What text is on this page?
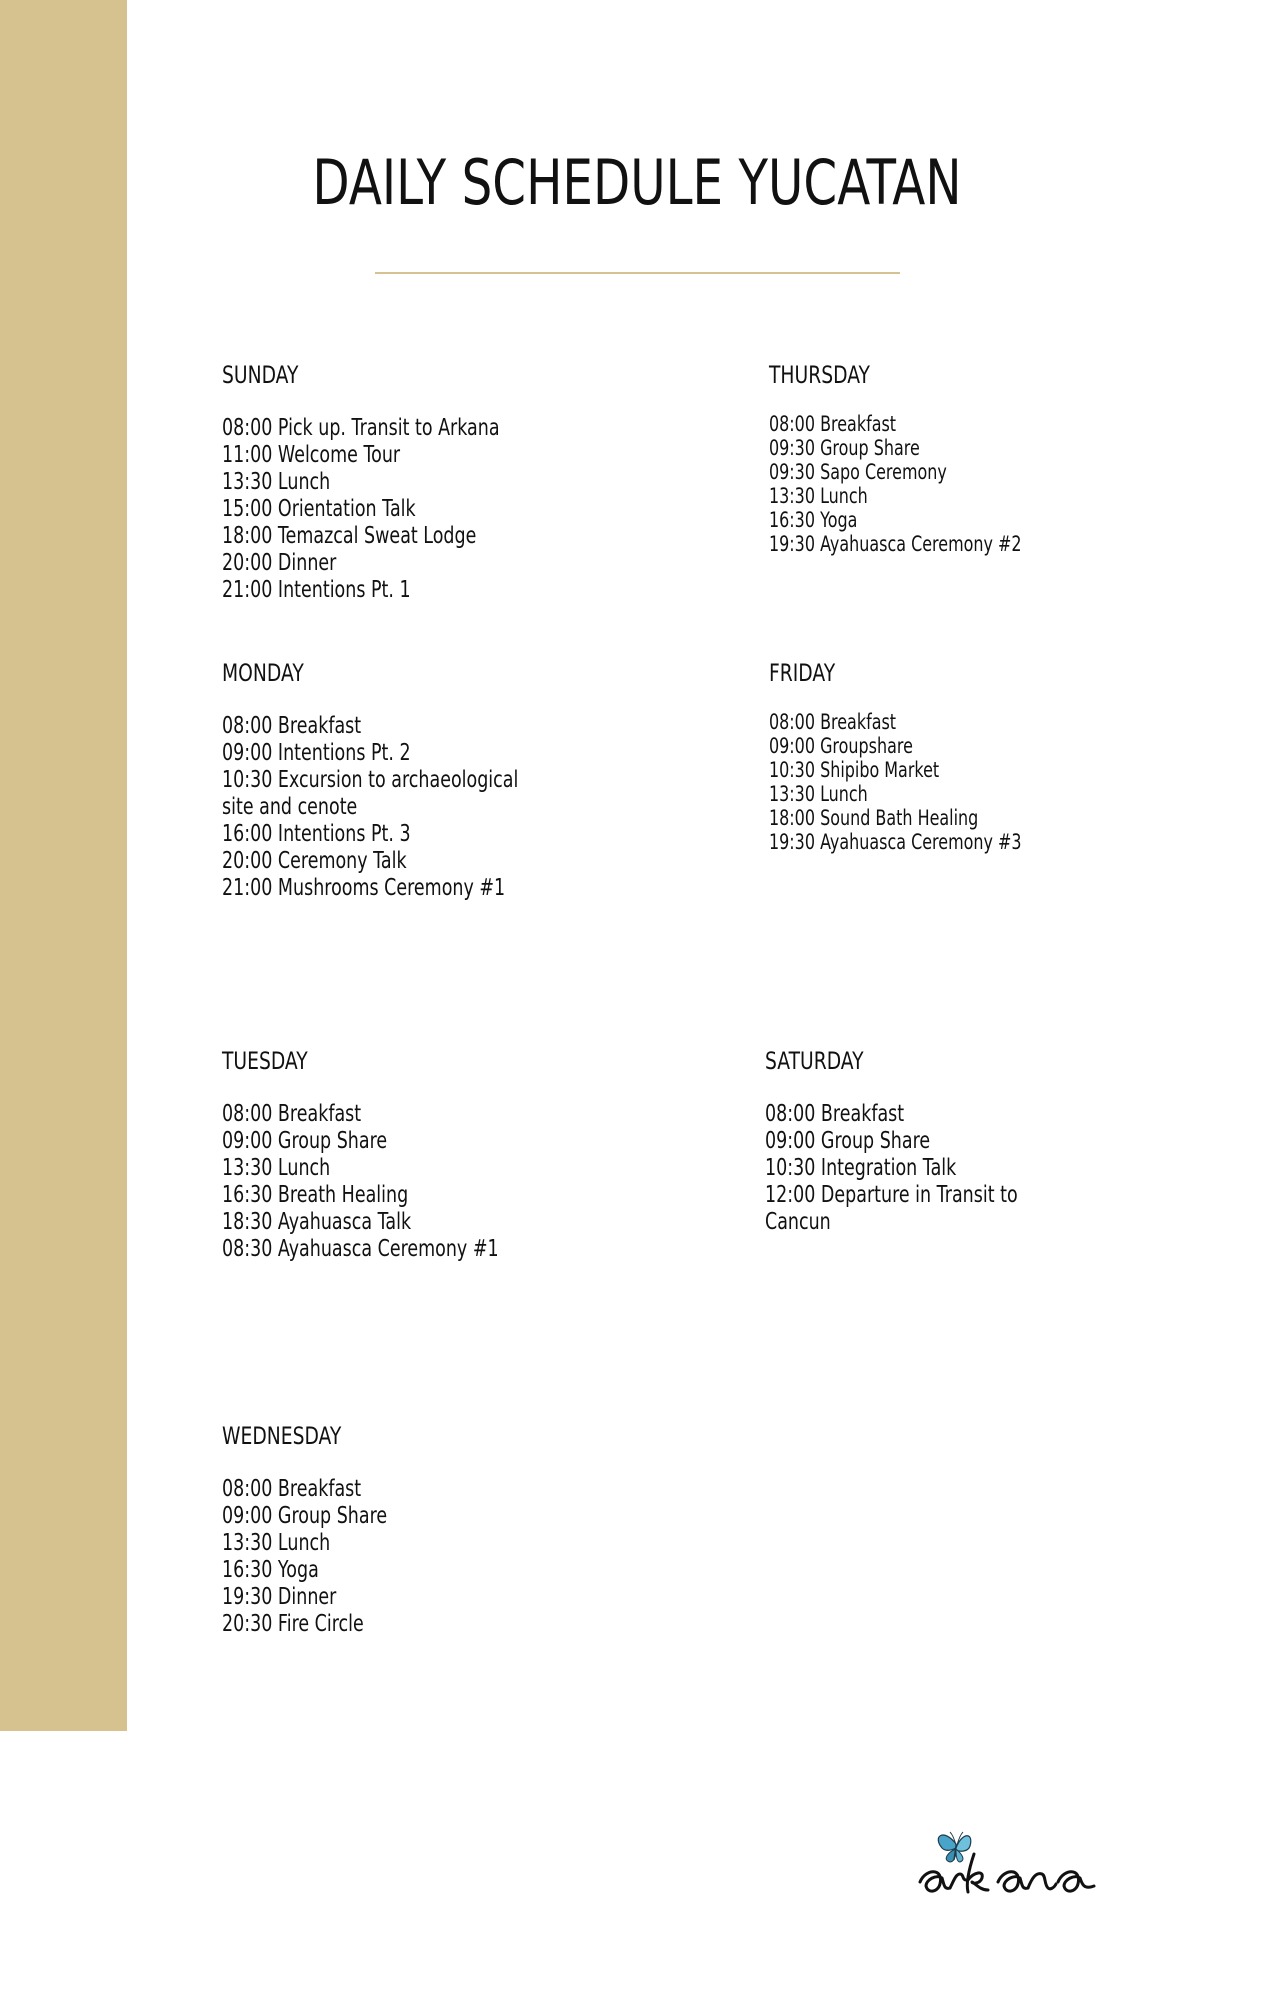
DAILY SCHEDULE YUCATAN
SUNDAY
08:00 Pick up. Transit to Arkana
11:00 Welcome Tour
13:30 Lunch
15:00 Orientation Talk
18:00 Temazcal Sweat Lodge
20:00 Dinner
21:00 Intentions Pt. 1
MONDAY
08:00 Breakfast
09:00 Intentions Pt. 2
10:30 Excursion to archaeological
site and cenote
16:00 Intentions Pt. 3
20:00 Ceremony Talk
21:00 Mushrooms Ceremony #1
TUESDAY
08:00 Breakfast
09:00 Group Share
13:30 Lunch
16:30 Breath Healing
18:30 Ayahuasca Talk
08:30 Ayahuasca Ceremony #1
WEDNESDAY
08:00 Breakfast
09:00 Group Share
13:30 Lunch
16:30 Yoga
19:30 Dinner
20:30 Fire Circle
THURSDAY
08:00 Breakfast
09:30 Group Share
09:30 Sapo Ceremony
13:30 Lunch
16:30 Yoga
19:30 Ayahuasca Ceremony #2
FRIDAY
08:00 Breakfast
09:00 Groupshare
10:30 Shipibo Market
13:30 Lunch
18:00 Sound Bath Healing
19:30 Ayahuasca Ceremony #3
SATURDAY
08:00 Breakfast
09:00 Group Share
10:30 Integration Talk
12:00 Departure in Transit to
Cancun
